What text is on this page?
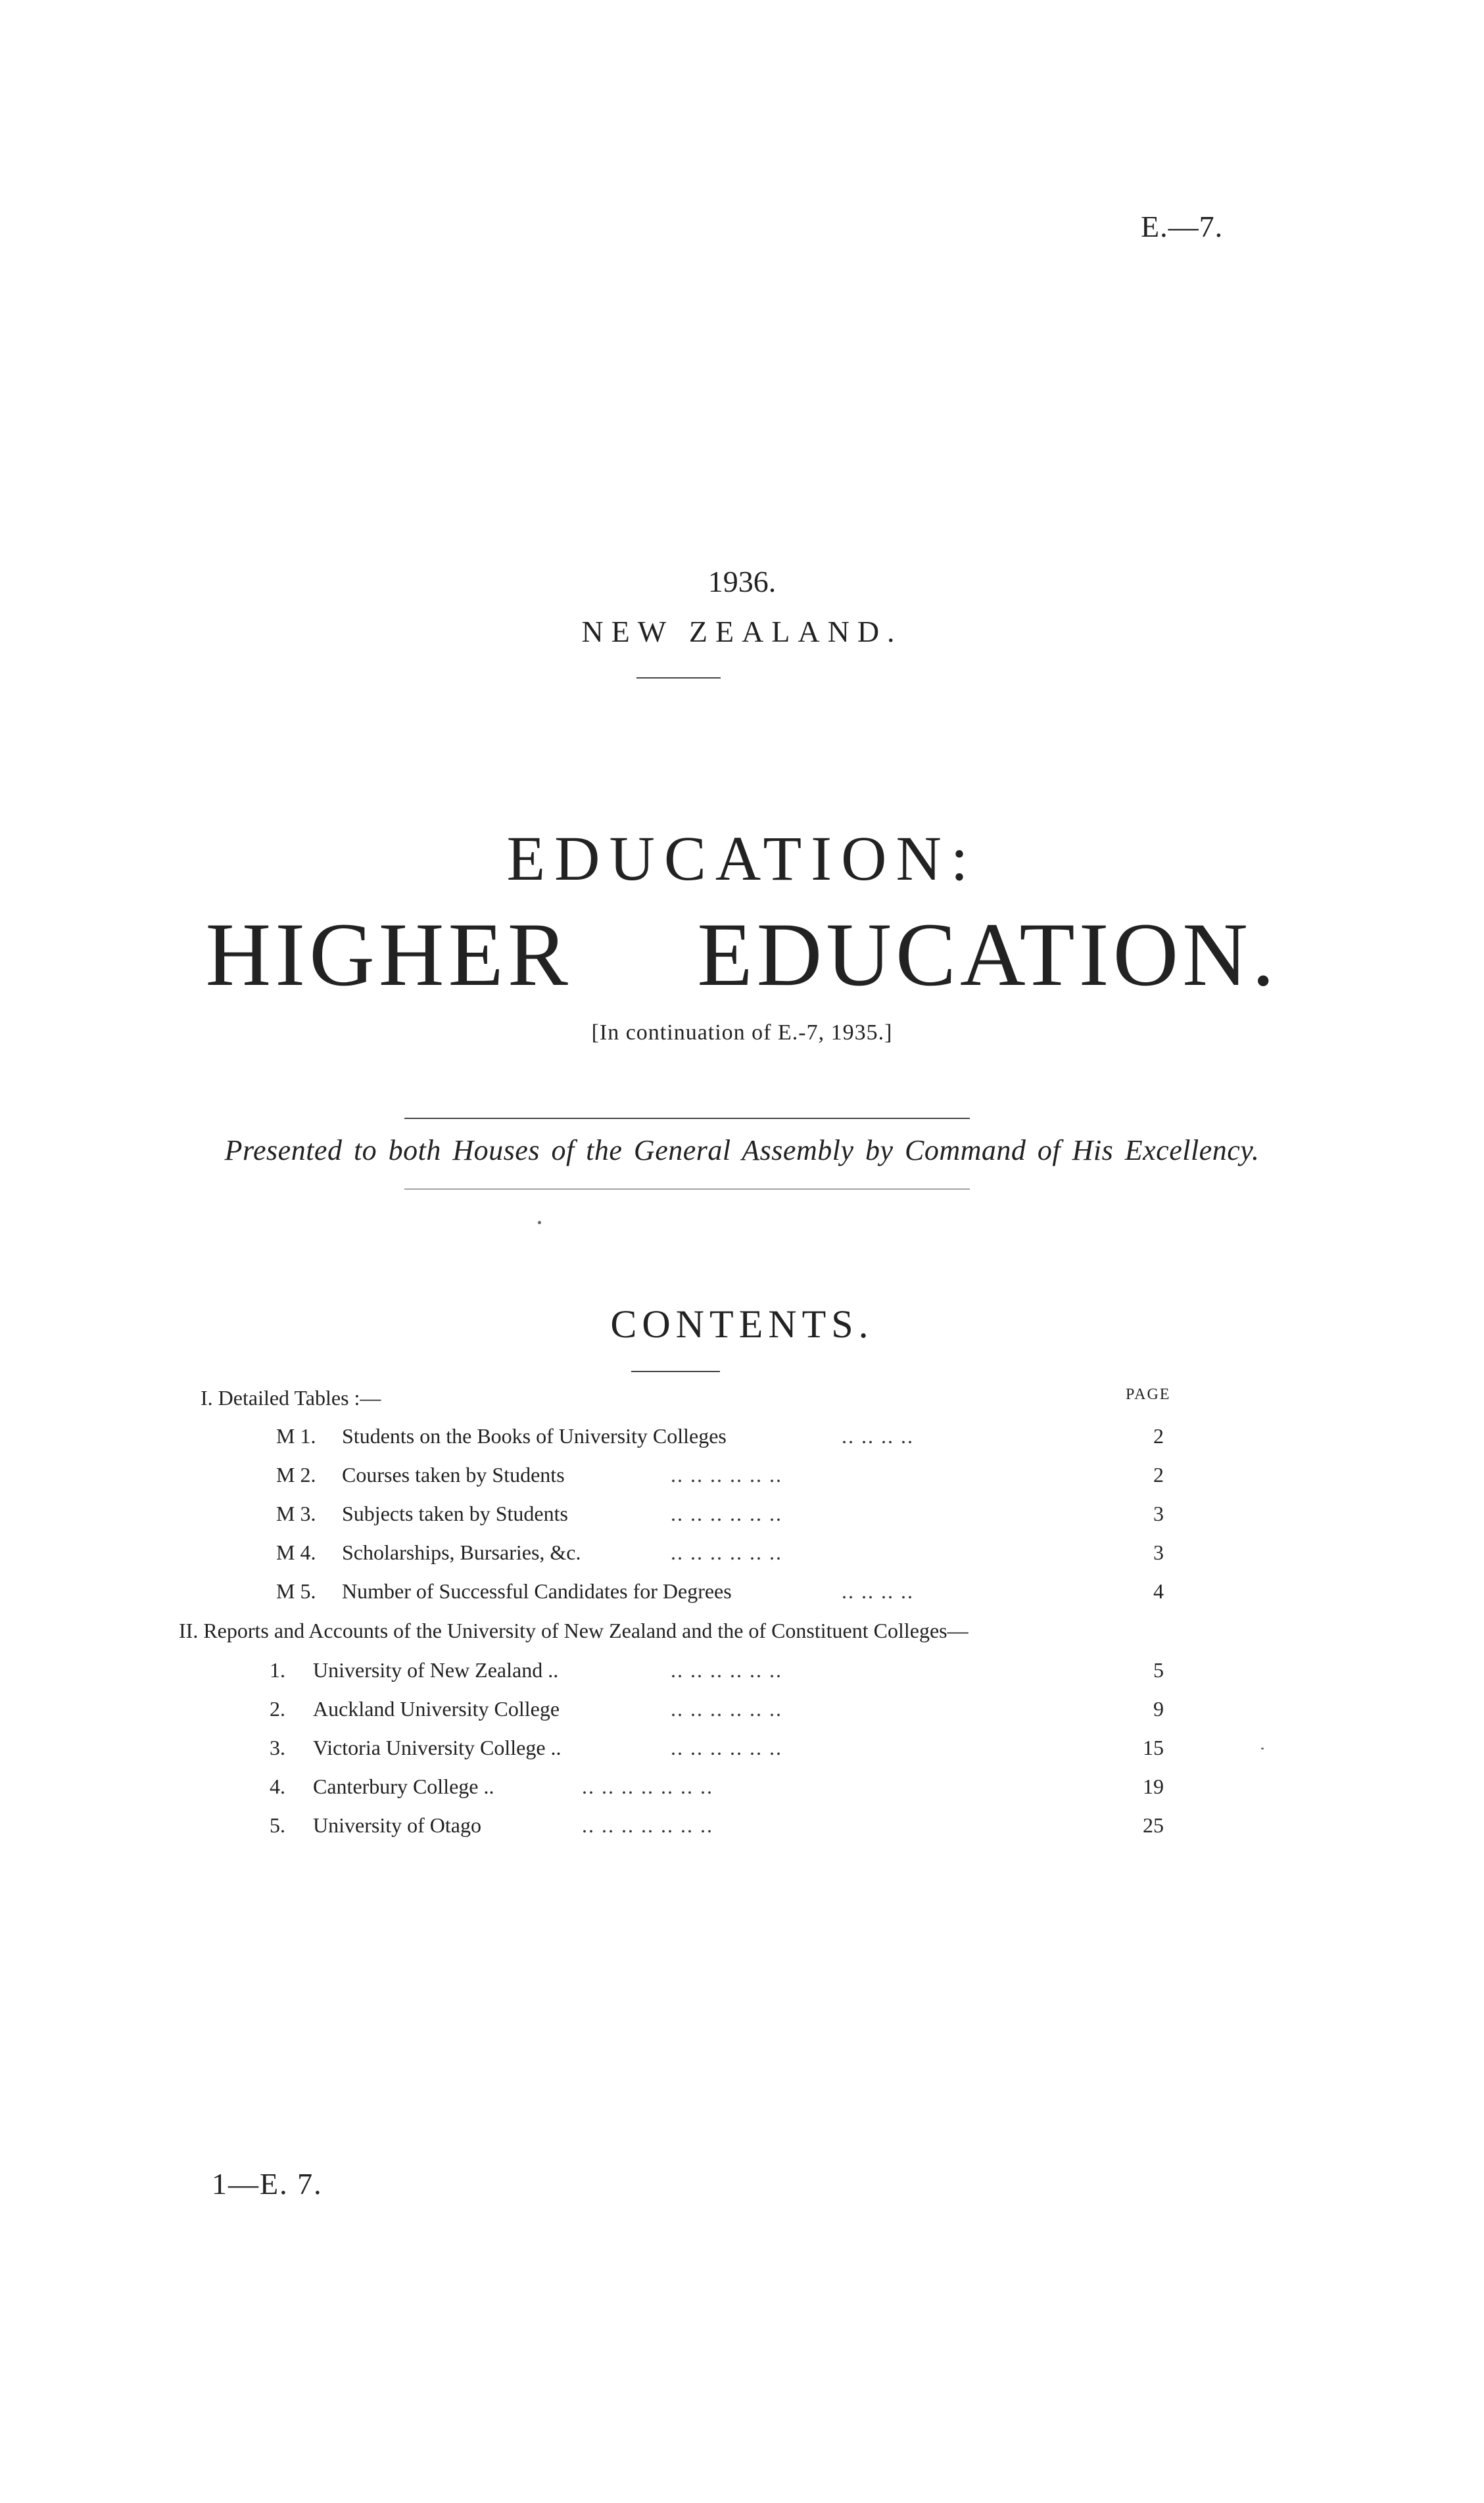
E.—7.
1936.
NEW ZEALAND.
EDUCATION:
HIGHER EDUCATION.
[In continuation of E.-7, 1935.]
Presented to both Houses of the General Assembly by Command of His Excellency.
CONTENTS.
PAGE
I. Detailed Tables :—
M 1. Students on the Books of University Colleges	.. .. .. ..	2
M 2. Courses taken by Students	.. .. .. .. .. ..	2
M 3. Subjects taken by Students	.. .. .. .. .. ..	3
M 4. Scholarships, Bursaries, &c.	.. .. .. .. .. ..	3
M 5. Number of Successful Candidates for Degrees	.. .. .. ..	4
II. Reports and Accounts of the University of New Zealand and the of Constituent Colleges—
1. University of New Zealand ..	.. .. .. .. .. ..	5
2. Auckland University College	.. .. .. .. .. ..	9
3. Victoria University College ..	.. .. .. .. .. ..	15
4. Canterbury College ..	.. .. .. .. .. .. ..	19
5. University of Otago	.. .. .. .. .. .. ..	25
1—E. 7.
